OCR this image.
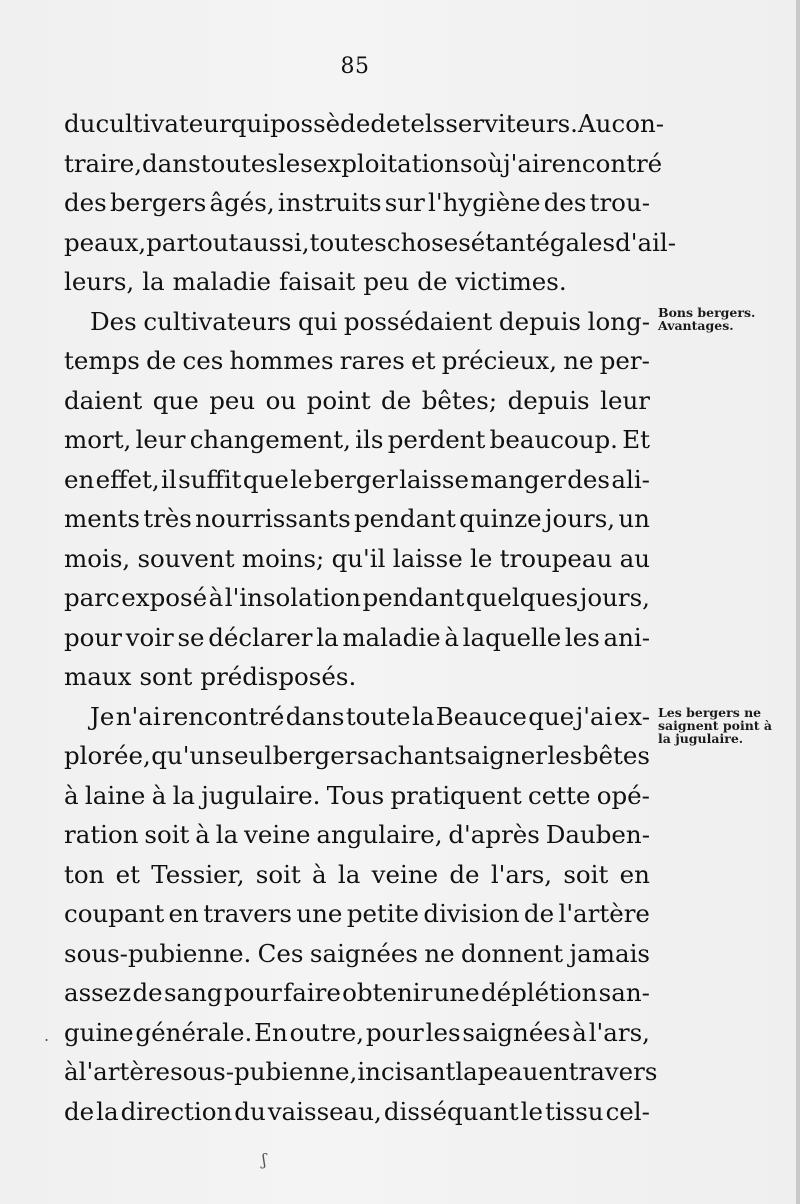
85
du cultivateur qui possède de tels serviteurs. Au con-
traire, dans toutes les exploitations où j'ai rencontré
des bergers âgés, instruits sur l'hygiène des trou-
peaux, partout aussi, toutes choses étant égales d'ail-
leurs, la maladie faisait peu de victimes.
Des cultivateurs qui possédaient depuis long-
temps de ces hommes rares et précieux, ne per-
daient que peu ou point de bêtes; depuis leur
mort, leur changement, ils perdent beaucoup. Et
en effet, il suffit que le berger laisse manger des ali-
ments très nourrissants pendant quinze jours, un
mois, souvent moins; qu'il laisse le troupeau au
parc exposé à l'insolation pendant quelques jours,
pour voir se déclarer la maladie à laquelle les ani-
maux sont prédisposés.
Je n'ai rencontré dans toute la Beauce que j'ai ex-
plorée, qu'un seul berger sachant saigner les bêtes
à laine à la jugulaire. Tous pratiquent cette opé-
ration soit à la veine angulaire, d'après Dauben-
ton et Tessier, soit à la veine de l'ars, soit en
coupant en travers une petite division de l'artère
sous-pubienne. Ces saignées ne donnent jamais
assez de sang pour faire obtenir une déplétion san-
guine générale. En outre, pour les saignées à l'ars,
à l'artère sous-pubienne, incisant la peau en travers
de la direction du vaisseau, disséquant le tissu cel-
Bons bergers.
Avantages.
Les bergers ne
saignent point à
la jugulaire.
.
ʃ
